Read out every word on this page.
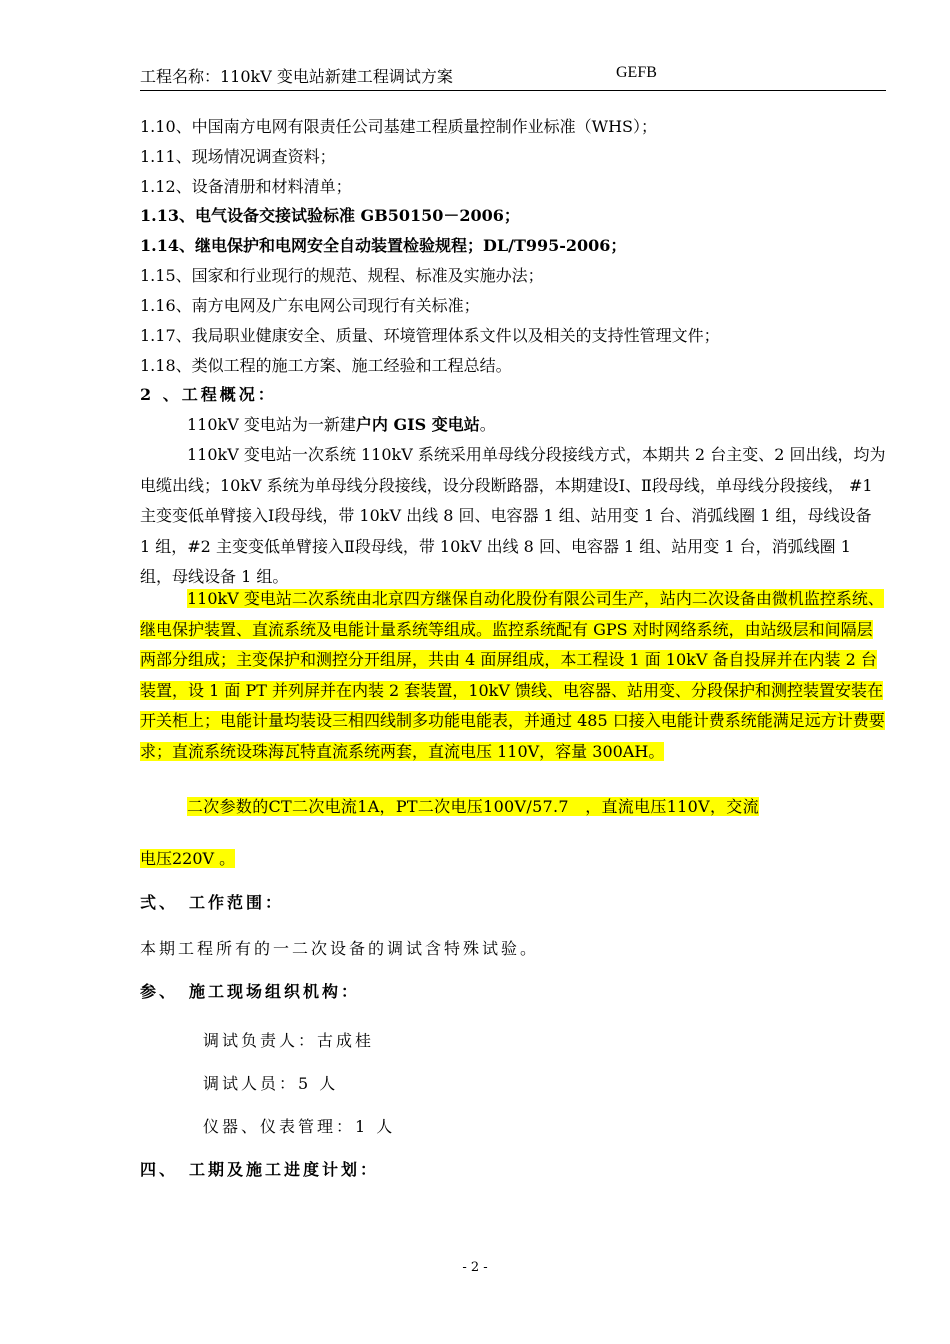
工程名称：110kV 变电站新建工程调试方案	GEFB
1.10、中国南方电网有限责任公司基建工程质量控制作业标准（WHS）；
1.11、现场情况调查资料；
1.12、设备清册和材料清单；
1.13、电气设备交接试验标准 GB50150－2006；
1.14、继电保护和电网安全自动装置检验规程；DL/T995-2006；
1.15、国家和行业现行的规范、规程、标准及实施办法；
1.16、南方电网及广东电网公司现行有关标准；
1.17、我局职业健康安全、质量、环境管理体系文件以及相关的支持性管理文件；
1.18、类似工程的施工方案、施工经验和工程总结。
2 、工程概况：
110kV 变电站为一新建户内 GIS 变电站。
110kV 变电站一次系统 110kV 系统采用单母线分段接线方式，本期共 2 台主变、2 回出线，均为电缆出线；10kV 系统为单母线分段接线，设分段断路器，本期建设Ⅰ、Ⅱ段母线，单母线分段接线， #1 主变变低单臂接入Ⅰ段母线，带 10kV 出线 8 回、电容器 1 组、站用变 1 台、消弧线圈 1 组，母线设备 1 组，#2 主变变低单臂接入Ⅱ段母线，带 10kV 出线 8 回、电容器 1 组、站用变 1 台，消弧线圈 1 组，母线设备 1 组。
110kV 变电站二次系统由北京四方继保自动化股份有限公司生产，站内二次设备由微机监控系统、继电保护装置、直流系统及电能计量系统等组成。监控系统配有 GPS 对时网络系统，由站级层和间隔层两部分组成；主变保护和测控分开组屏，共由 4 面屏组成，本工程设 1 面 10kV 备自投屏并在内装 2 台装置，设 1 面 PT 并列屏并在内装 2 套装置，10kV 馈线、电容器、站用变、分段保护和测控装置安装在开关柜上；电能计量均装设三相四线制多功能电能表，并通过 485 口接入电能计费系统能满足远方计费要求；直流系统设珠海瓦特直流系统两套，直流电压 110V，容量 300AH。
二次参数的CT二次电流1A，PT二次电压100V/57.7　，直流电压110V，交流
电压220V 。
弍、　工作范围：
本期工程所有的一二次设备的调试含特殊试验。
参、　施工现场组织机构：
调试负责人：古成桂
调试人员：5 人
仪器、仪表管理：1 人
四、　工期及施工进度计划：
- 2 -
